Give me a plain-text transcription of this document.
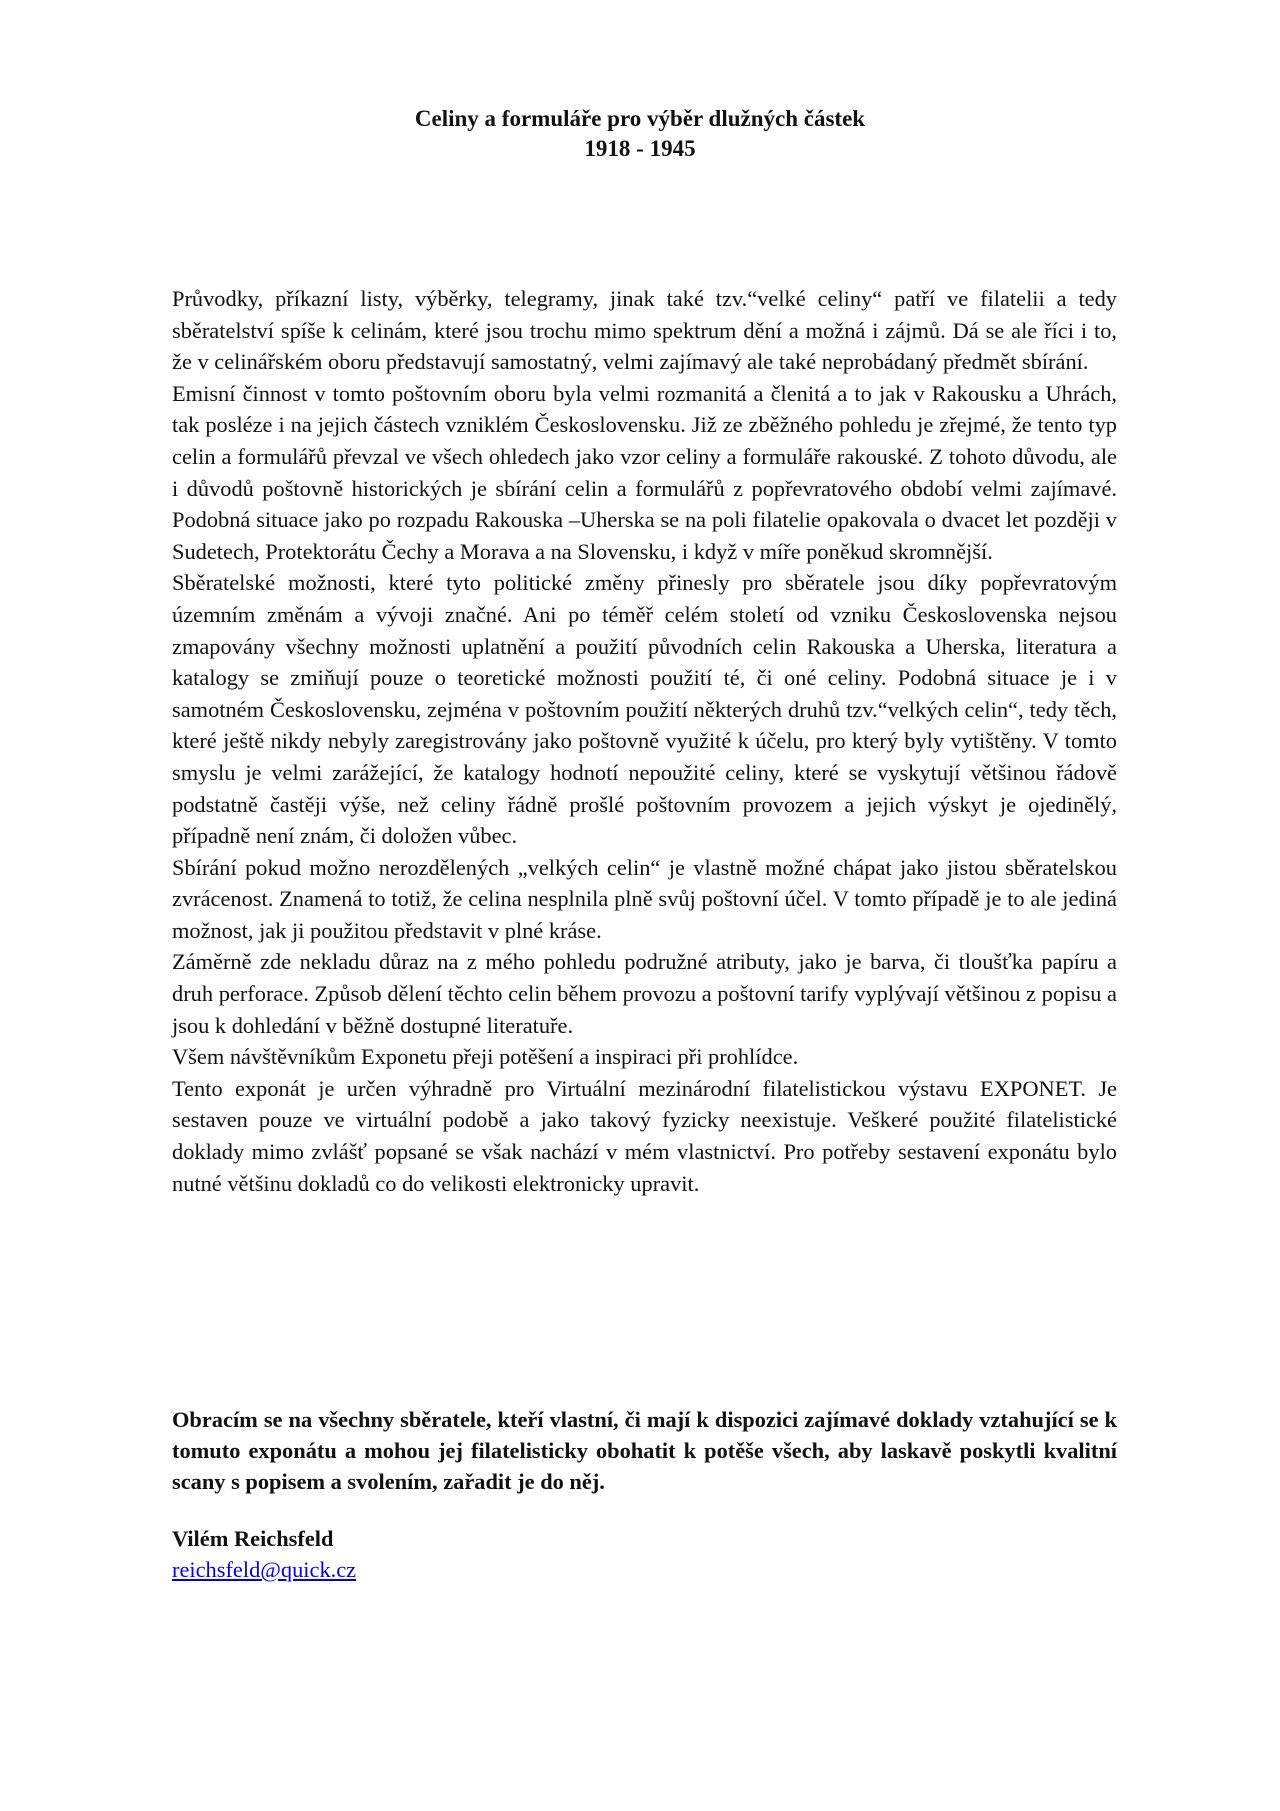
Celiny a formuláře pro výběr dlužných částek
1918 - 1945

Průvodky, příkazní listy, výběrky, telegramy, jinak také tzv.“velké celiny“ patří ve filatelii a tedy sběratelství spíše k celinám, které jsou trochu mimo spektrum dění a možná i zájmů. Dá se ale říci i to, že v celinářském oboru představují samostatný, velmi zajímavý ale také neprobádaný předmět sbírání.

Emisní činnost v tomto poštovním oboru byla velmi rozmanitá a členitá a to jak v Rakousku a Uhrách, tak posléze i na jejich částech vzniklém Československu. Již ze zběžného pohledu je zřejmé, že tento typ celin a formulářů převzal ve všech ohledech jako vzor celiny a formuláře rakouské. Z tohoto důvodu, ale i důvodů poštovně historických je sbírání celin a formulářů z popřevratového období velmi zajímavé. Podobná situace jako po rozpadu Rakouska –Uherska se na poli filatelie opakovala o dvacet let později v Sudetech, Protektorátu Čechy a Morava a na Slovensku, i když v míře poněkud skromnější.

Sběratelské možnosti, které tyto politické změny přinesly pro sběratele jsou díky popřevratovým územním změnám a vývoji značné. Ani po téměř celém století od vzniku Československa nejsou zmapovány všechny možnosti uplatnění a použití původních celin Rakouska a Uherska, literatura a katalogy se zmiňují pouze o teoretické možnosti použití té, či oné celiny. Podobná situace je i v samotném Československu, zejména v poštovním použití některých druhů tzv.“velkých celin“, tedy těch, které ještě nikdy nebyly zaregistrovány jako poštovně využité k účelu, pro který byly vytištěny. V tomto smyslu je velmi zarážející, že katalogy hodnotí nepoužité celiny, které se vyskytují většinou řádově podstatně častěji výše, než celiny řádně prošlé poštovním provozem a jejich výskyt je ojedinělý, případně není znám, či doložen vůbec.

Sbírání pokud možno nerozdělených „velkých celin“ je vlastně možné chápat jako jistou sběratelskou zvrácenost. Znamená to totiž, že celina nesplnila plně svůj poštovní účel. V tomto případě je to ale jediná možnost, jak ji použitou představit v plné kráse.

Záměrně zde nekladu důraz na z mého pohledu podružné atributy, jako je barva, či tloušťka papíru a druh perforace. Způsob dělení těchto celin během provozu a poštovní tarify vyplývají většinou z popisu a jsou k dohledání v běžně dostupné literatuře.

Všem návštěvníkům Exponetu přeji potěšení a inspiraci při prohlídce.

Tento exponát je určen výhradně pro Virtuální mezinárodní filatelistickou výstavu EXPONET. Je sestaven pouze ve virtuální podobě a jako takový fyzicky neexistuje. Veškeré použité filatelistické doklady mimo zvlášť popsané se však nachází v mém vlastnictví. Pro potřeby sestavení exponátu bylo nutné většinu dokladů co do velikosti elektronicky upravit.

Obracím se na všechny sběratele, kteří vlastní, či mají k dispozici zajímavé doklady vztahující se k tomuto exponátu a mohou jej filatelisticky obohatit k potěše všech, aby laskavě poskytli kvalitní scany s popisem a svolením, zařadit je do něj.

Vilém Reichsfeld
reichsfeld@quick.cz
